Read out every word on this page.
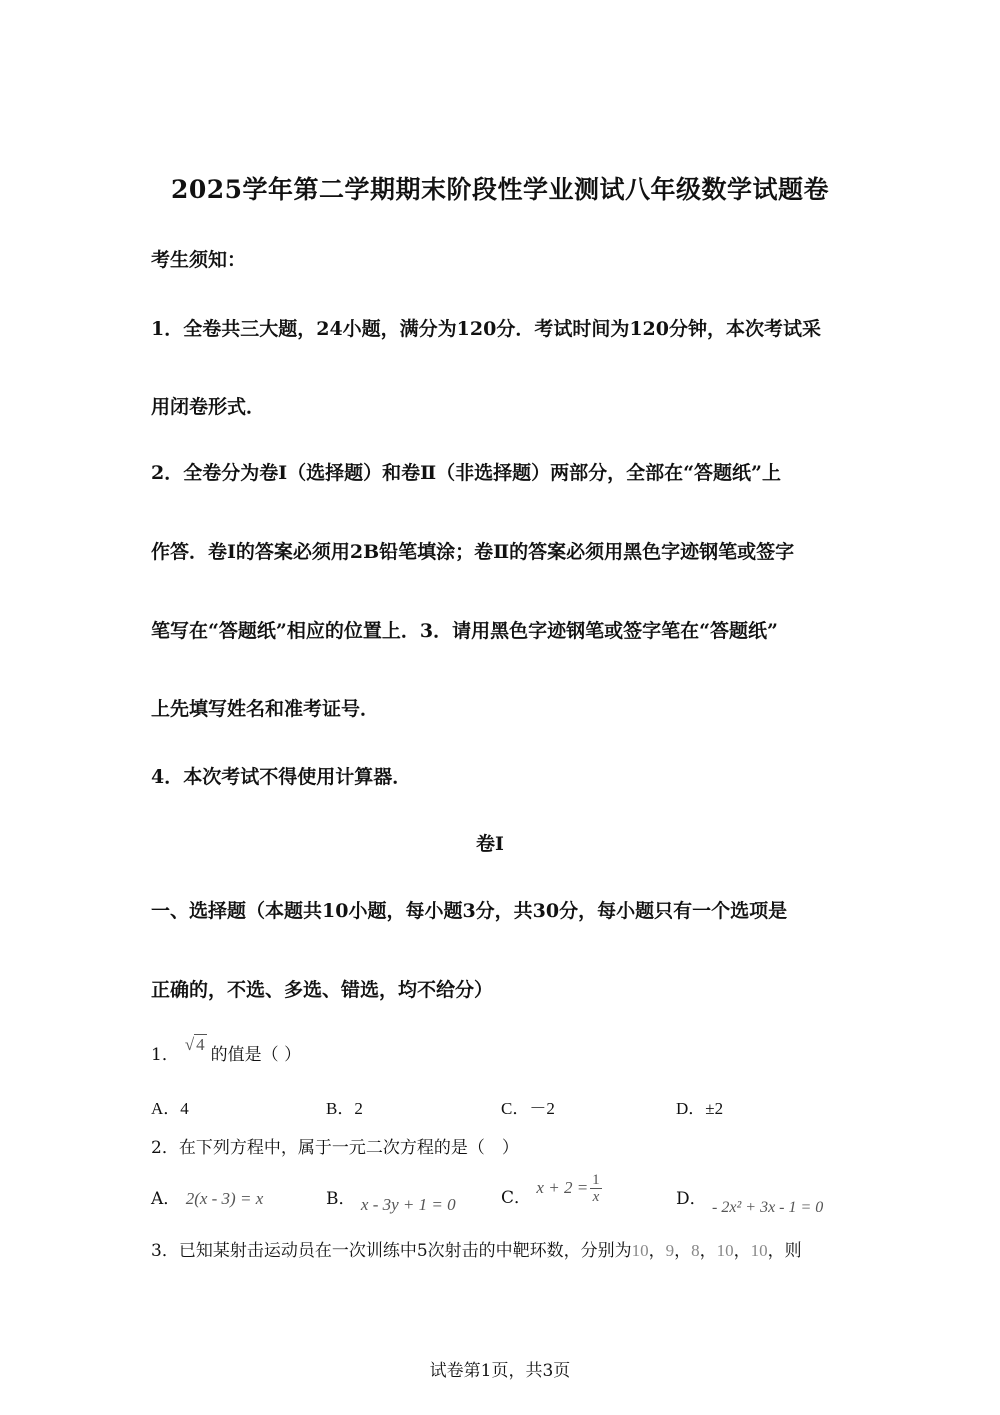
2025学年第二学期期末阶段性学业测试八年级数学试题卷
考生须知：
1．全卷共三大题，24小题，满分为120分．考试时间为120分钟，本次考试采
用闭卷形式．
2．全卷分为卷Ⅰ（选择题）和卷Ⅱ（非选择题）两部分，全部在“答题纸”上
作答．卷Ⅰ的答案必须用2B铅笔填涂；卷Ⅱ的答案必须用黑色字迹钢笔或签字
笔写在“答题纸”相应的位置上．3．请用黑色字迹钢笔或签字笔在“答题纸”
上先填写姓名和准考证号．
4．本次考试不得使用计算器．
卷Ⅰ
一、选择题（本题共10小题，每小题3分，共30分，每小题只有一个选项是
正确的，不选、多选、错选，均不给分）
1．√ 4的值是（ ）
A．4	B．2	C．－2	D．±2
2．在下列方程中，属于一元二次方程的是（　）
A． 2(x - 3) = x	B． x - 3y + 1 = 0	C． $x + 2 = \frac{1}{x}$	D． - 2x² + 3x - 1 = 0
3．已知某射击运动员在一次训练中5次射击的中靶环数，分别为10，9，8，10，10，则
试卷第1页，共3页
